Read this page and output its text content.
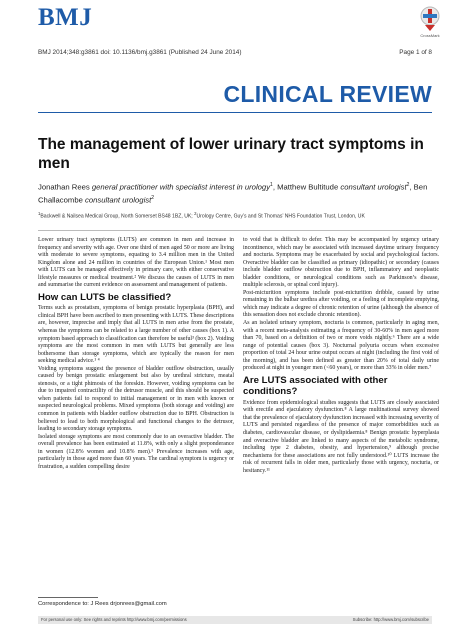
BMJ
CrossMark
BMJ 2014;348:g3861 doi: 10.1136/bmj.g3861 (Published 24 June 2014)	Page 1 of 8
CLINICAL REVIEW
The management of lower urinary tract symptoms in men
Jonathan Rees general practitioner with specialist interest in urology$^1$, Matthew Bultitude consultant urologist$^2$, Ben Challacombe consultant urologist$^2$
$^1$Backwell & Nailsea Medical Group, North Somerset BS48 1BZ, UK; $^2$Urology Centre, Guy’s and St Thomas’ NHS Foundation Trust, London, UK

Lower urinary tract symptoms (LUTS) are common in men and increase in frequency and severity with age. Over one third of men aged 50 or more are living with moderate to severe symptoms, equating to 3.4 million men in the United Kingdom alone and 24 million in countries of the European Union.¹ Most men with LUTS can be managed effectively in primary care, with either conservative lifestyle measures or medical treatment.² We discuss the causes of LUTS in men and summarise the current evidence on assessment and management of patients.

How can LUTS be classified?

Terms such as prostatism, symptoms of benign prostatic hyperplasia (BPH), and clinical BPH have been ascribed to men presenting with LUTS. These descriptions are, however, imprecise and imply that all LUTS in men arise from the prostate, whereas the symptoms can be related to a large number of other causes (box 1). A symptom based approach to classification can therefore be useful³ (box 2). Voiding symptoms are the most common in men with LUTS but generally are less bothersome than storage symptoms, which are typically the reason for men seeking medical advice.¹ ⁴

Voiding symptoms suggest the presence of bladder outflow obstruction, usually caused by benign prostatic enlargement but also by urethral stricture, meatal stenosis, or a tight phimosis of the foreskin. However, voiding symptoms can be due to impaired contractility of the detrusor muscle, and this should be suspected when patients fail to respond to initial management or in men with known or suspected neurological problems. Mixed symptoms (both storage and voiding) are common in patients with bladder outflow obstruction due to BPH. Obstruction is believed to lead to both morphological and functional changes to the detrusor, leading to secondary storage symptoms.

Isolated storage symptoms are most commonly due to an overactive bladder. The overall prevalence has been estimated at 11.8%, with only a slight preponderance in women (12.8% women and 10.8% men).⁵ Prevalence increases with age, particularly in those aged more than 60 years. The cardinal symptom is urgency or frustration, a sudden compelling desire

to void that is difficult to defer. This may be accompanied by urgency urinary incontinence, which may be associated with increased daytime urinary frequency and nocturia. Symptoms may be exacerbated by social and psychological factors. Overactive bladder can be classified as primary (idiopathic) or secondary (causes include bladder outflow obstruction due to BPH, inflammatory and neoplastic bladder conditions, or neurological conditions such as Parkinson’s disease, multiple sclerosis, or spinal cord injury).

Post-micturition symptoms include post-micturition dribble, caused by urine remaining in the bulbar urethra after voiding, or a feeling of incomplete emptying, which may indicate a degree of chronic retention of urine (although the absence of this sensation does not exclude chronic retention).

As an isolated urinary symptom, nocturia is common, particularly in aging men, with a recent meta-analysis estimating a frequency of 30-60% in men aged more than 70, based on a definition of two or more voids nightly.⁶ There are a wide range of potential causes (box 3). Nocturnal polyuria occurs when excessive proportion of total 24 hour urine output occurs at night (including the first void of the morning), and has been defined as greater than 20% of total daily urine produced at night in younger men (<60 years), or more than 33% in older men.⁷

Are LUTS associated with other conditions?

Evidence from epidemiological studies suggests that LUTS are closely associated with erectile and ejaculatory dysfunction.⁸ A large multinational survey showed that the prevalence of ejaculatory dysfunction increased with increasing severity of LUTS and persisted regardless of the presence of major comorbidities such as diabetes, cardiovascular disease, or dyslipidaemia.⁸ Benign prostatic hyperplasia and overactive bladder are linked to many aspects of the metabolic syndrome, including type 2 diabetes, obesity, and hypertension,⁹ although precise mechanisms for these associations are not fully understood.¹⁰ LUTS increase the risk of recurrent falls in older men, particularly those with urgency, nocturia, or hesitancy.¹¹

Correspondence to: J Rees drjonrees@gmail.com
For personal use only: See rights and reprints http://www.bmj.com/permissions	Subscribe: http://www.bmj.com/subscribe
